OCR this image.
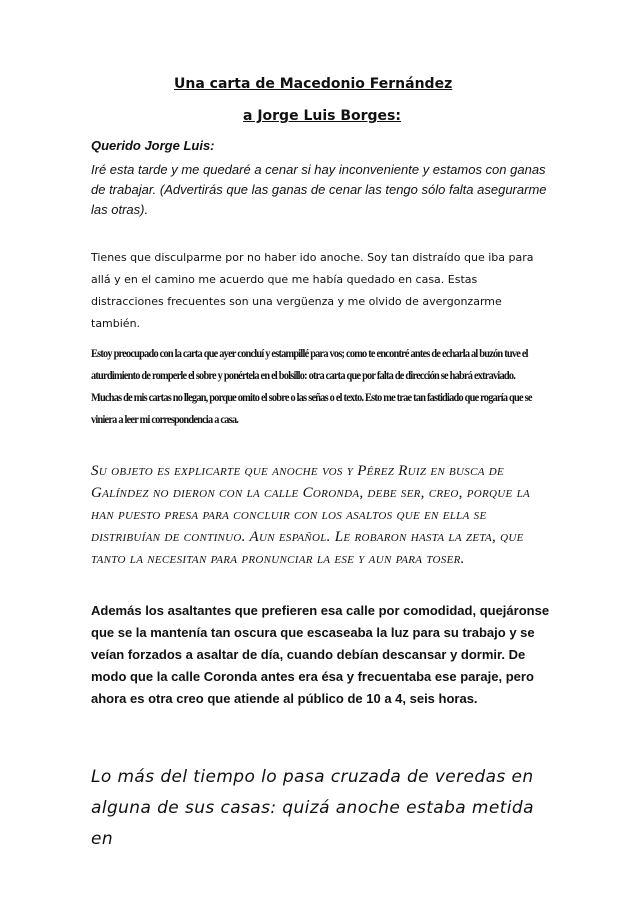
Una carta de Macedonio Fernández
a Jorge Luis Borges:

Querido Jorge Luis:

Iré esta tarde y me quedaré a cenar si hay inconveniente y estamos con ganas de trabajar. (Advertirás que las ganas de cenar las tengo sólo falta asegurarme las otras).

Tienes que disculparme por no haber ido anoche. Soy tan distraído que iba para allá y en el camino me acuerdo que me había quedado en casa. Estas distracciones frecuentes son una vergüenza y me olvido de avergonzarme también.

Estoy preocupado con la carta que ayer concluí y estampillé para vos; como te encontré antes de echarla al buzón tuve el aturdimiento de romperle el sobre y ponértela en el bolsillo: otra carta que por falta de dirección se habrá extraviado. Muchas de mis cartas no llegan, porque omito el sobre o las señas o el texto. Esto me trae tan fastidiado que rogaría que se viniera a leer mi correspondencia a casa.

Su objeto es explicarte que anoche vos y Pérez Ruiz en busca de Galíndez no dieron con la calle Coronda, debe ser, creo, porque la han puesto presa para concluir con los asaltos que en ella se distribuían de continuo. Aun español. Le robaron hasta la zeta, que tanto la necesitan para pronunciar la ese y aun para toser.

Además los asaltantes que prefieren esa calle por comodidad, quejáronse que se la mantenía tan oscura que escaseaba la luz para su trabajo y se veían forzados a asaltar de día, cuando debían descansar y dormir. De modo que la calle Coronda antes era ésa y frecuentaba ese paraje, pero ahora es otra creo que atiende al público de 10 a 4, seis horas.

Lo más del tiempo lo pasa cruzada de veredas en alguna de sus casas: quizá anoche estaba metida en
